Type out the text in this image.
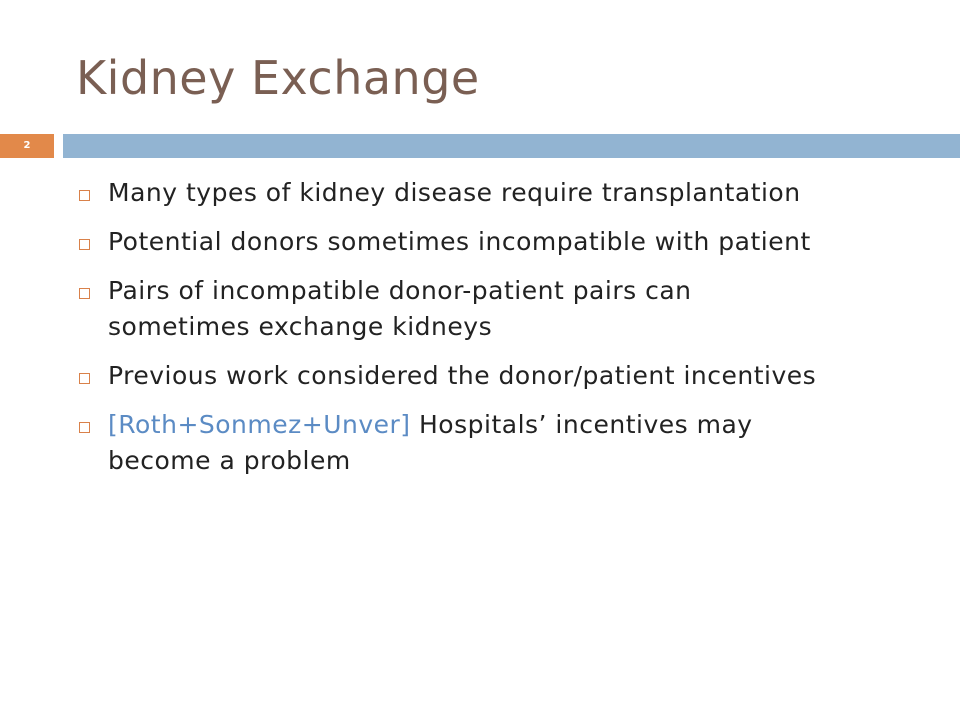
Kidney Exchange
2
Many types of kidney disease require transplantation
Potential donors sometimes incompatible with patient
Pairs of incompatible donor-patient pairs can sometimes exchange kidneys
Previous work considered the donor/patient incentives
[Roth+Sonmez+Unver] Hospitals’ incentives may become a problem
